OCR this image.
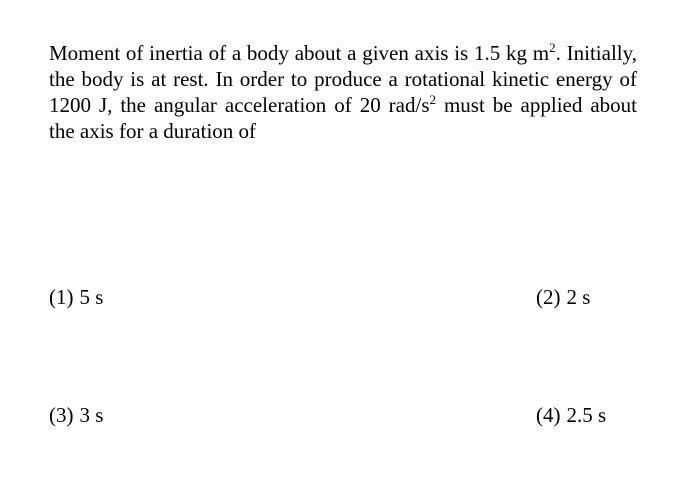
Moment of inertia of a body about a given axis is 1.5 kg $m^2$. Initially, the body is at rest. In order to produce a rotational kinetic energy of 1200 J, the angular acceleration of 20 rad/$s^2$ must be applied about the axis for a duration of

(1) 5 s	(2) 2 s
(3) 3 s	(4) 2.5 s
